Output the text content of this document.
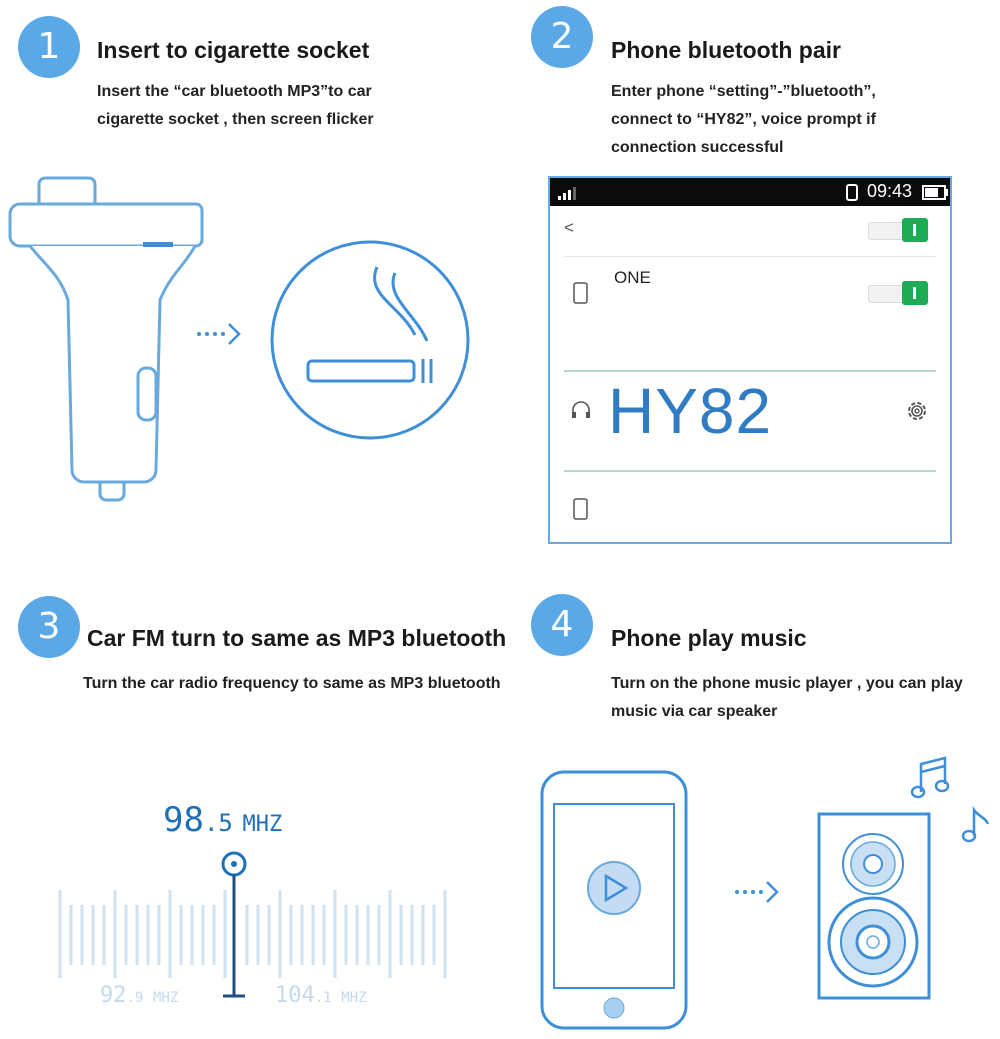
1	Insert to cigarette socket
Insert the “car bluetooth MP3”to car
cigarette socket , then screen flicker
2	Phone bluetooth pair
Enter phone “setting”-”bluetooth”,
connect to “HY82”, voice prompt if
connection successful
09:43
<
ONE
HY82
3	Car FM turn to same as MP3 bluetooth
Turn the car radio frequency to same as MP3 bluetooth
98.5 MHZ
92.9 MHZ	104.1 MHZ
4	Phone play music
Turn on the phone music player , you can play
music via car speaker
